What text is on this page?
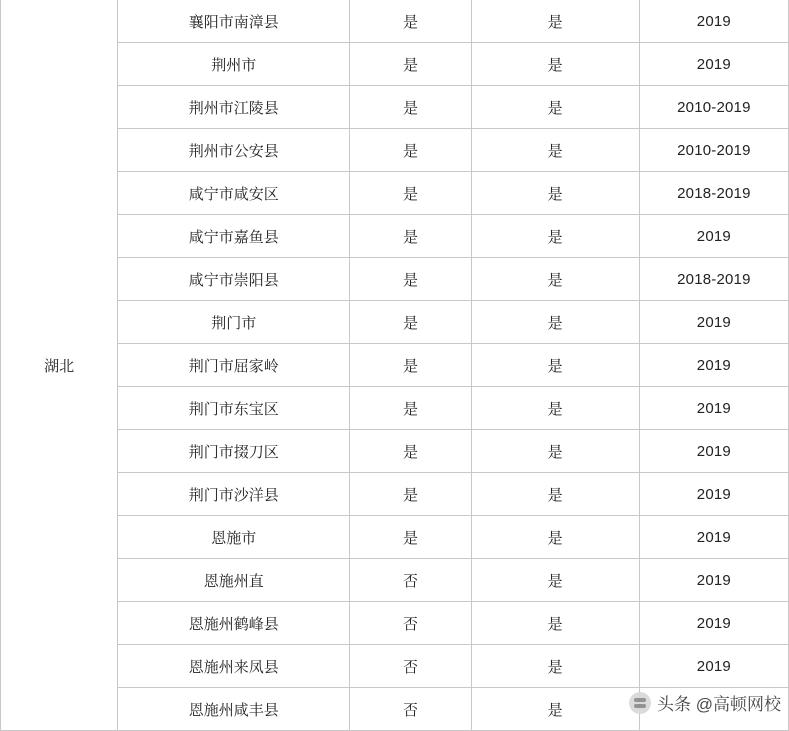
湖北	襄阳市南漳县	是	是	2019
	荆州市	是	是	2019
	荆州市江陵县	是	是	2010-2019
	荆州市公安县	是	是	2010-2019
	咸宁市咸安区	是	是	2018-2019
	咸宁市嘉鱼县	是	是	2019
	咸宁市崇阳县	是	是	2018-2019
	荆门市	是	是	2019
	荆门市屈家岭	是	是	2019
	荆门市东宝区	是	是	2019
	荆门市掇刀区	是	是	2019
	荆门市沙洋县	是	是	2019
	恩施市	是	是	2019
	恩施州直	否	是	2019
	恩施州鹤峰县	否	是	2019
	恩施州来凤县	否	是	2019
	恩施州咸丰县	否	是		头条 @高顿网校
